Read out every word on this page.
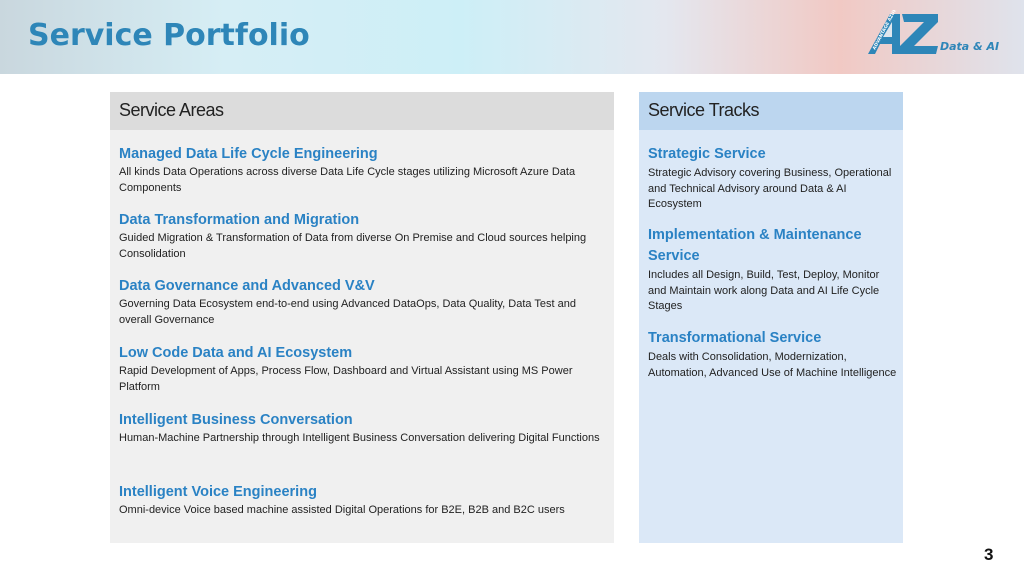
Service Portfolio	ADVANTAGE AZURE	Data & AI
Service Areas
Managed Data Life Cycle Engineering
All kinds Data Operations across diverse Data Life Cycle stages utilizing Microsoft Azure Data Components
Data Transformation and Migration
Guided Migration & Transformation of Data from diverse On Premise and Cloud sources helping Consolidation
Data Governance and Advanced V&V
Governing Data Ecosystem end-to-end using Advanced DataOps, Data Quality, Data Test and overall Governance
Low Code Data and AI Ecosystem
Rapid Development of Apps, Process Flow, Dashboard and Virtual Assistant using MS Power Platform
Intelligent Business Conversation
Human-Machine Partnership through Intelligent Business Conversation delivering Digital Functions
Intelligent Voice Engineering
Omni-device Voice based machine assisted Digital Operations for B2E, B2B and B2C users
Service Tracks
Strategic Service
Strategic Advisory covering Business, Operational and Technical Advisory around Data & AI Ecosystem
Implementation & Maintenance Service
Includes all Design, Build, Test, Deploy, Monitor and Maintain work along Data and AI Life Cycle Stages
Transformational Service
Deals with Consolidation, Modernization, Automation, Advanced Use of Machine Intelligence
3
